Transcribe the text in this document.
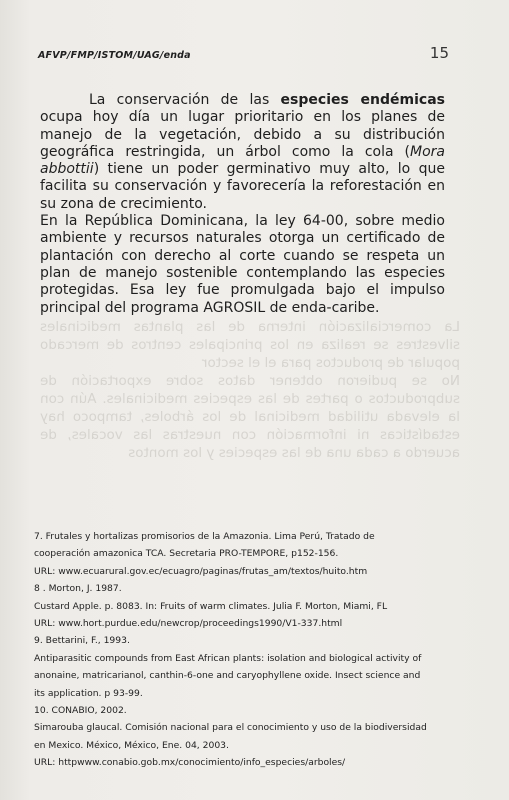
AFVP/FMP/ISTOM/UAG/enda	15

La comercialización interna de las plantas medicinales silvestres se realiza en los principales centros de mercado popular de productos para el el sector

No se pudieron obtener datos sobre exportación de subproductos o partes de las especies medicinales. Aún con la elevada utilidad medicinal de los árboles, tampoco hay estadísticas ni información con nuestras las vocales, de acuerdo a cada una de las especies y los montos

La conservación de las especies endémicas ocupa hoy día un lugar prioritario en los planes de manejo de la vegetación, debido a su distribución geográfica restringida, un árbol como la cola (Mora abbottii) tiene un poder germinativo muy alto, lo que facilita su conservación y favorecería la reforestación en su zona de crecimiento.

En la República Dominicana, la ley 64-00, sobre medio ambiente y recursos naturales otorga un certificado de plantación con derecho al corte cuando se respeta un plan de manejo sostenible contemplando las especies protegidas. Esa ley fue promulgada bajo el impulso principal del programa AGROSIL de enda-caribe.

7. Frutales y hortalizas promisorios de la Amazonia. Lima Perú, Tratado de

cooperación amazonica TCA. Secretaria PRO-TEMPORE, p152-156.

URL: www.ecuarural.gov.ec/ecuagro/paginas/frutas_am/textos/huito.htm

8 . Morton, J. 1987.

Custard Apple. p. 8083. In: Fruits of warm climates. Julia F. Morton, Miami, FL

URL: www.hort.purdue.edu/newcrop/proceedings1990/V1-337.html

9. Bettarini, F., 1993.

Antiparasitic compounds from East African plants: isolation and biological activity of

anonaine, matricarianol, canthin-6-one and caryophyllene oxide. Insect science and

its application. p 93-99.

10. CONABIO, 2002.

Simarouba glaucal. Comisión nacional para el conocimiento y uso de la biodiversidad

en Mexico. México, México, Ene. 04, 2003.

URL: httpwww.conabio.gob.mx/conocimiento/info_especies/arboles/
